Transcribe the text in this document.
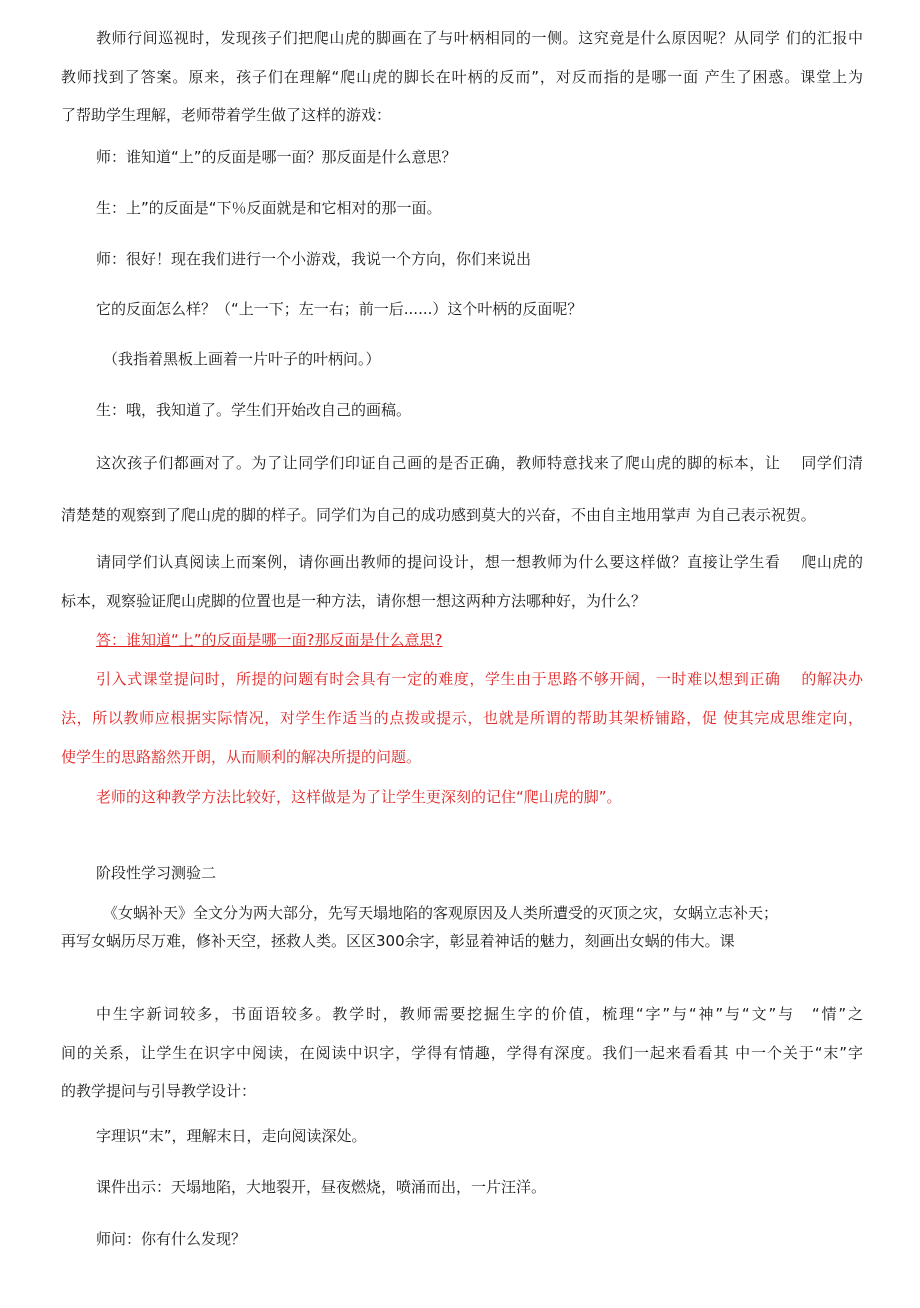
教师行间巡视时，发现孩子们把爬山虎的脚画在了与叶柄相同的一侧。这究竟是什么原因呢？从同学 们的汇报中

教师找到了答案。原来，孩子们在理解“爬山虎的脚长在叶柄的反而”，对反而指的是哪一面 产生了困惑。课堂上为

了帮助学生理解，老师带着学生做了这样的游戏：

师：谁知道“上”的反面是哪一面？那反面是什么意思？

生：上”的反面是“下％反面就是和它相对的那一面。

师：很好！现在我们进行一个小游戏，我说一个方向，你们来说出

它的反面怎么样？（“上一下；左一右；前一后......）这个叶柄的反面呢？

（我指着黑板上画着一片叶子的叶柄问。）

生：哦，我知道了。学生们开始改自己的画稿。

这次孩子们都画对了。为了让同学们印证自己画的是否正确，教师特意找来了爬山虎的脚的标本，让　 同学们清

清楚楚的观察到了爬山虎的脚的样子。同学们为自己的成功感到莫大的兴奋，不由自主地用掌声 为自己表示祝贺。

请同学们认真阅读上而案例，请你画出教师的提问设计，想一想教师为什么要这样做？直接让学生看　 爬山虎的

标本，观察验证爬山虎脚的位置也是一种方法，请你想一想这两种方法哪种好，为什么？

答：谁知道“上”的反面是哪一面?那反面是什么意思?

引入式课堂提问时，所提的问题有时会具有一定的难度，学生由于思路不够开阔，一时难以想到正确　 的解决办

法，所以教师应根据实际情况，对学生作适当的点拨或提示，也就是所谓的帮助其架桥铺路，促 使其完成思维定向，

使学生的思路豁然开朗，从而顺利的解决所提的问题。

老师的这种教学方法比较好，这样做是为了让学生更深刻的记住“爬山虎的脚”。

阶段性学习测验二

《女蜗补天》全文分为两大部分，先写天塌地陷的客观原因及人类所遭受的灭顶之灾，女蜗立志补天；

再写女蜗历尽万难，修补天空，拯救人类。区区300余字，彰显着神话的魅力，刻画出女蜗的伟大。课

中生字新词较多，书面语较多。教学时，教师需要挖掘生字的价值，梳理“字”与“神”与“文”与　“情”之

间的关系，让学生在识字中阅读，在阅读中识字，学得有情趣，学得有深度。我们一起来看看其 中一个关于“末”字

的教学提问与引导教学设计：

字理识“末”，理解末日，走向阅读深处。

课件出示：天塌地陷，大地裂开，昼夜燃烧，喷涌而出，一片汪洋。

师问：你有什么发现？
